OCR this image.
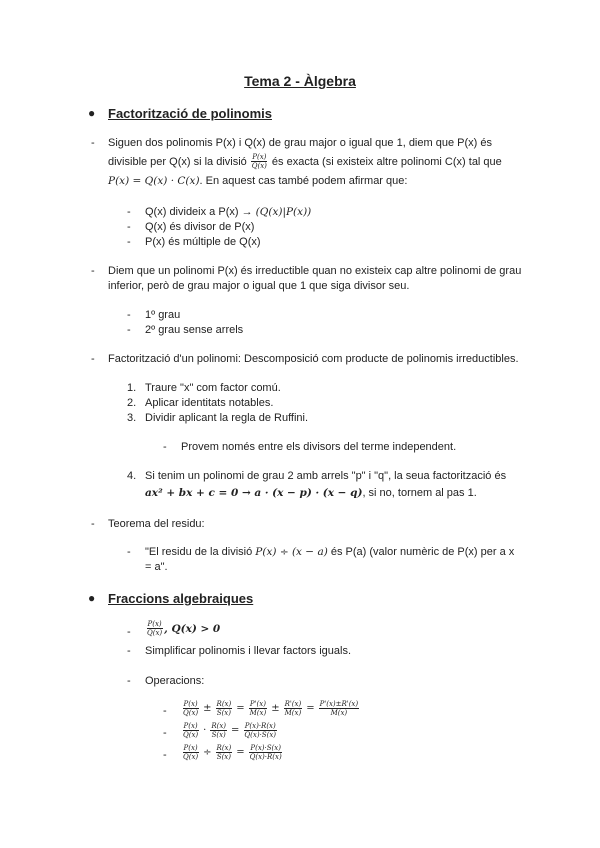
Tema 2 - Àlgebra
● Factorització de polinomis
- Siguen dos polinomis P(x) i Q(x) de grau major o igual que 1, diem que P(x) és
divisible per Q(x) si la divisió $\frac{P(x)}{Q(x)}$ és exacta (si existeix altre polinomi C(x) tal que
P(x) = Q(x) · C(x). En aquest cas també podem afirmar que:
- Q(x) divideix a P(x) → (Q(x)|P(x))
- Q(x) és divisor de P(x)
- P(x) és múltiple de Q(x)
- Diem que un polinomi P(x) és irreductible quan no existeix cap altre polinomi de grau
inferior, però de grau major o igual que 1 que siga divisor seu.
- 1º grau
- 2º grau sense arrels
- Factorització d'un polinomi: Descomposició com producte de polinomis irreductibles.
1. Traure "x" com factor comú.
2. Aplicar identitats notables.
3. Dividir aplicant la regla de Ruffini.
- Provem només entre els divisors del terme independent.
4. Si tenim un polinomi de grau 2 amb arrels "p" i "q", la seua factorització és
ax² + bx + c = 0 → a · (x − p) · (x − q), si no, tornem al pas 1.
- Teorema del residu:
- "El residu de la divisió P(x) ÷ (x − a) és P(a) (valor numèric de P(x) per a x
= a".
● Fraccions algebraiques
- $\frac{P(x)}{Q(x)}$ , Q(x) > 0
- Simplificar polinomis i llevar factors iguals.
- Operacions:
- $\frac{P(x)}{Q(x)} \pm \frac{R(x)}{S(x)} = \frac{P'(x)}{M(x)} \pm \frac{R'(x)}{M(x)} = \frac{P'(x)\pm R'(x)}{M(x)}$
- $\frac{P(x)}{Q(x)} \cdot \frac{R(x)}{S(x)} = \frac{P(x)\cdot R(x)}{Q(x)\cdot S(x)}$
- $\frac{P(x)}{Q(x)} \div \frac{R(x)}{S(x)} = \frac{P(x)\cdot S(x)}{Q(x)\cdot R(x)}$
